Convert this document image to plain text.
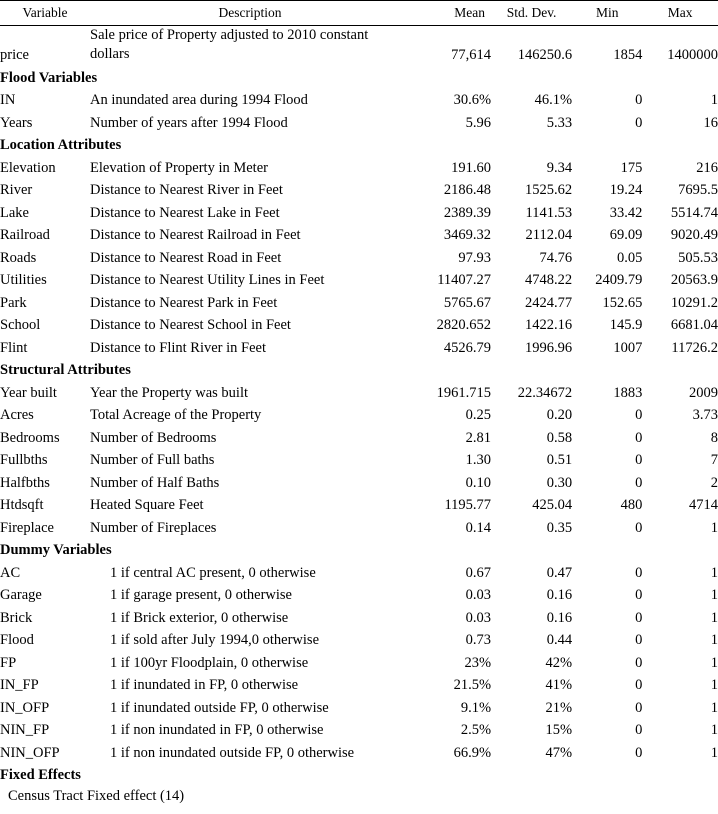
Variable	Description	Mean	Std. Dev.	Min	Max
price	Sale price of Property adjusted to 2010 constant dollars	77,614	146250.6	1854	1400000
Flood Variables					
IN	An inundated area during 1994 Flood	30.6%	46.1%	0	1
Years	Number of years after 1994 Flood	5.96	5.33	0	16
Location Attributes					
Elevation	Elevation of Property in Meter	191.60	9.34	175	216
River	Distance to Nearest River in Feet	2186.48	1525.62	19.24	7695.5
Lake	Distance to Nearest Lake in Feet	2389.39	1141.53	33.42	5514.74
Railroad	Distance to Nearest Railroad in Feet	3469.32	2112.04	69.09	9020.49
Roads	Distance to Nearest Road in Feet	97.93	74.76	0.05	505.53
Utilities	Distance to Nearest Utility Lines in Feet	11407.27	4748.22	2409.79	20563.9
Park	Distance to Nearest Park in Feet	5765.67	2424.77	152.65	10291.2
School	Distance to Nearest School in Feet	2820.652	1422.16	145.9	6681.04
Flint	Distance to Flint River in Feet	4526.79	1996.96	1007	11726.2
Structural Attributes					
Year built	Year the Property was built	1961.715	22.34672	1883	2009
Acres	Total Acreage of the Property	0.25	0.20	0	3.73
Bedrooms	Number of Bedrooms	2.81	0.58	0	8
Fullbths	Number of Full baths	1.30	0.51	0	7
Halfbths	Number of Half Baths	0.10	0.30	0	2
Htdsqft	Heated Square Feet	1195.77	425.04	480	4714
Fireplace	Number of Fireplaces	0.14	0.35	0	1
Dummy Variables					
AC	1 if central AC present, 0 otherwise	0.67	0.47	0	1
Garage	1 if garage present, 0 otherwise	0.03	0.16	0	1
Brick	1 if Brick exterior, 0 otherwise	0.03	0.16	0	1
Flood	1 if sold after July 1994,0 otherwise	0.73	0.44	0	1
FP	1 if 100yr Floodplain, 0 otherwise	23%	42%	0	1
IN_FP	1 if inundated in FP, 0 otherwise	21.5%	41%	0	1
IN_OFP	1 if inundated outside FP, 0 otherwise	9.1%	21%	0	1
NIN_FP	1 if non inundated in FP, 0 otherwise	2.5%	15%	0	1
NIN_OFP	1 if non inundated outside FP, 0 otherwise	66.9%	47%	0	1
Fixed Effects					
Census Tract Fixed effect (14)
